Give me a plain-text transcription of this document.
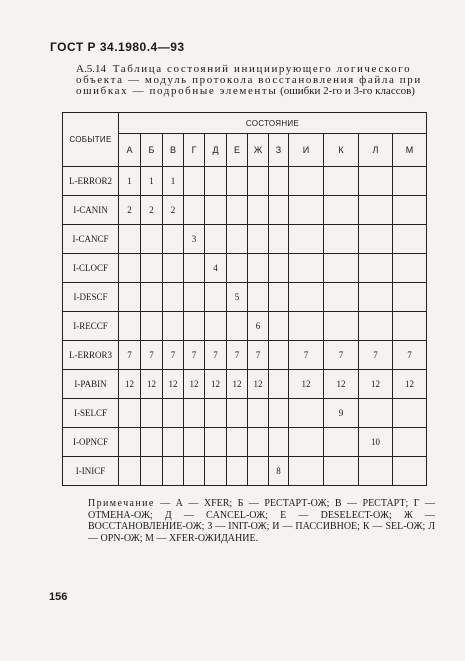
ГОСТ Р 34.1980.4—93
A.5.14 Таблица состояний инициирующего логического объекта — модуль протокола восстановления файла при ошибках — подробные элементы (ошибки 2-го и 3-го классов)
СОБЫТИЕ	СОСТОЯНИЕ											
	А	Б	В	Г	Д	Е	Ж	З	И	К	Л	М
L-ERROR2	1	1	1									
I-CANIN	2	2	2									
I-CANCF				3								
I-CLOCF					4							
I-DESCF						5						
I-RECCF							6					
L-ERROR3	7	7	7	7	7	7	7		7	7	7	7
I-PABIN	12	12	12	12	12	12	12		12	12	12	12
I-SELCF										9		
I-OPNCF											10	
I-INICF								8				
Примечание — А — XFER; Б — РЕСТАРТ-ОЖ; В — РЕСТАРТ; Г — ОТМЕНА-ОЖ; Д — CANCEL-ОЖ; Е — DESELECT-ОЖ; Ж — ВОССТАНОВЛЕНИЕ-ОЖ; З — INIT-ОЖ; И — ПАССИВНОЕ; К — SEL-ОЖ; Л — OPN-ОЖ; М — XFER-ОЖИДАНИЕ.
156
